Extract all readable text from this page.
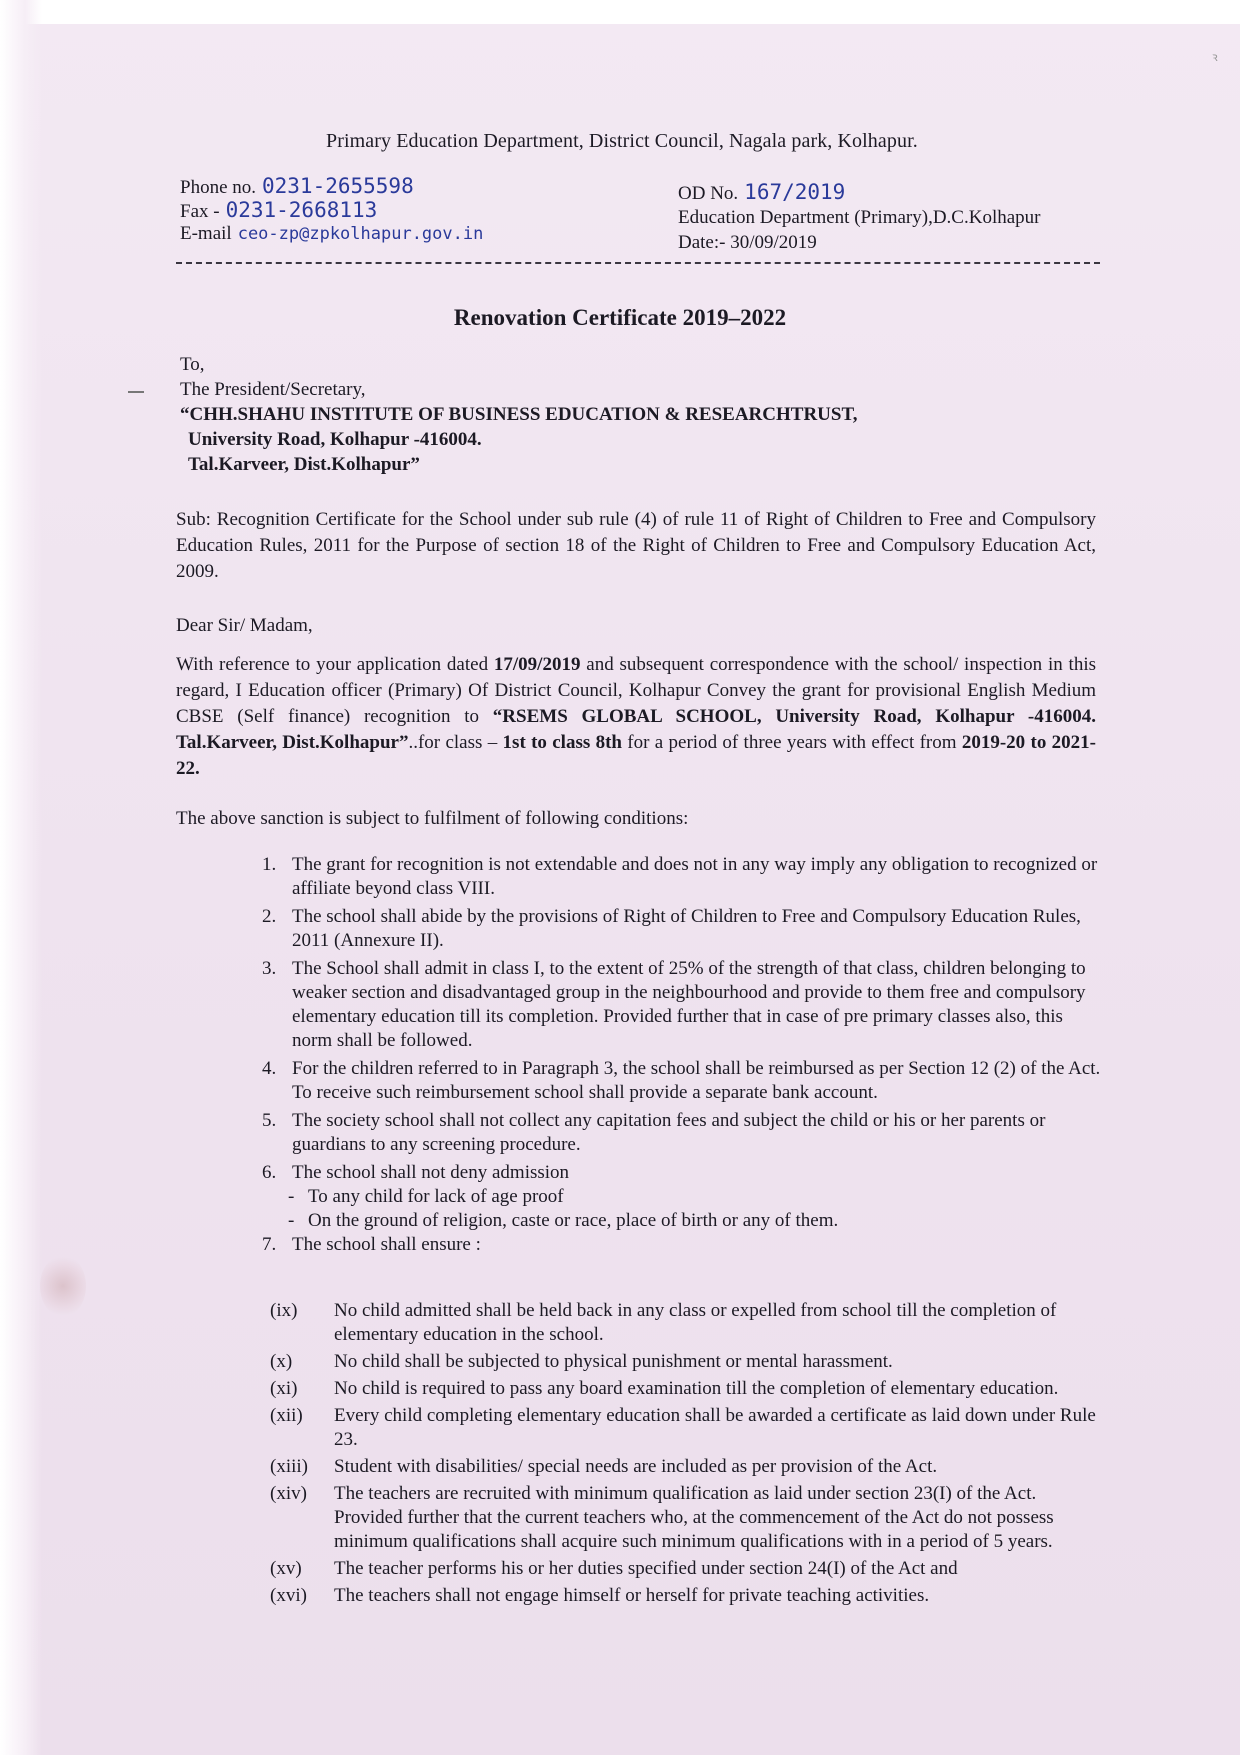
ꝛ
Primary Education Department, District Council, Nagala park, Kolhapur.
Phone no. 0231-2655598
Fax - 0231-2668113
E-mail ceo-zp@zpkolhapur.gov.in
OD No. 167/2019
Education Department (Primary),D.C.Kolhapur
Date:- 30/09/2019
Renovation Certificate 2019–2022
To,
The President/Secretary,
“CHH.SHAHU INSTITUTE OF BUSINESS EDUCATION & RESEARCHTRUST,
University Road, Kolhapur -416004.
Tal.Karveer, Dist.Kolhapur”
Sub: Recognition Certificate for the School under sub rule (4) of rule 11 of Right of Children to Free and Compulsory Education Rules, 2011 for the Purpose of section 18 of the Right of Children to Free and Compulsory Education Act, 2009.
Dear Sir/ Madam,
With reference to your application dated 17/09/2019 and subsequent correspondence with the school/ inspection in this regard, I Education officer (Primary) Of District Council, Kolhapur Convey the grant for provisional English Medium CBSE (Self finance) recognition to “RSEMS GLOBAL SCHOOL, University Road, Kolhapur -416004. Tal.Karveer, Dist.Kolhapur”..for class – 1st to class 8th for a period of three years with effect from 2019-20 to 2021-22.
The above sanction is subject to fulfilment of following conditions:
1. The grant for recognition is not extendable and does not in any way imply any obligation to recognized or affiliate beyond class VIII.
2. The school shall abide by the provisions of Right of Children to Free and Compulsory Education Rules, 2011 (Annexure II).
3. The School shall admit in class I, to the extent of 25% of the strength of that class, children belonging to weaker section and disadvantaged group in the neighbourhood and provide to them free and compulsory elementary education till its completion. Provided further that in case of pre primary classes also, this norm shall be followed.
4. For the children referred to in Paragraph 3, the school shall be reimbursed as per Section 12 (2) of the Act. To receive such reimbursement school shall provide a separate bank account.
5. The society school shall not collect any capitation fees and subject the child or his or her parents or guardians to any screening procedure.
6. The school shall not deny admission
- To any child for lack of age proof
- On the ground of religion, caste or race, place of birth or any of them.
7. The school shall ensure :
(ix) No child admitted shall be held back in any class or expelled from school till the completion of elementary education in the school.
(x) No child shall be subjected to physical punishment or mental harassment.
(xi) No child is required to pass any board examination till the completion of elementary education.
(xii) Every child completing elementary education shall be awarded a certificate as laid down under Rule 23.
(xiii) Student with disabilities/ special needs are included as per provision of the Act.
(xiv) The teachers are recruited with minimum qualification as laid under section 23(I) of the Act. Provided further that the current teachers who, at the commencement of the Act do not possess minimum qualifications shall acquire such minimum qualifications with in a period of 5 years.
(xv) The teacher performs his or her duties specified under section 24(I) of the Act and
(xvi) The teachers shall not engage himself or herself for private teaching activities.
